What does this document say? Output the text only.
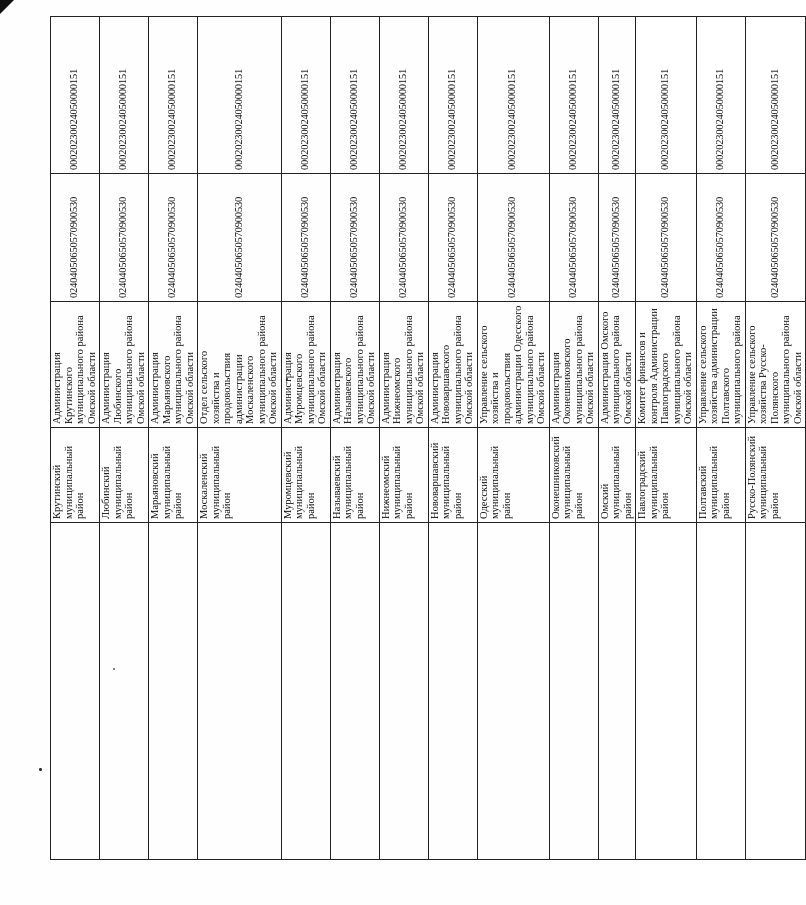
	Крутинский муниципальный район	Администрация Крутинского муниципального района Омской области	02404050650570900530	00020230024050000151
	Любинский муниципальный район	Администрация Любинского муниципального района Омской области	02404050650570900530	00020230024050000151
	Марьяновский муниципальный район	Администрация Марьяновского муниципального района Омской области	02404050650570900530	00020230024050000151
	Москаленский муниципальный район	Отдел сельского хозяйства и продовольствия администрации Москаленского муниципального района Омской области	02404050650570900530	00020230024050000151
	Муромцевский муниципальный район	Администрация Муромцевского муниципального района Омской области	02404050650570900530	00020230024050000151
	Называевский муниципальный район	Администрация Называевского муниципального района Омской области	02404050650570900530	00020230024050000151
	Нижнеомский муниципальный район	Администрация Нижнеомского муниципального района Омской области	02404050650570900530	00020230024050000151
	Нововаршавский муниципальный район	Администрация Нововаршавского муниципального района Омской области	02404050650570900530	00020230024050000151
	Одесский муниципальный район	Управление сельского хозяйства и продовольствия администрации Одесского муниципального района Омской области	02404050650570900530	00020230024050000151
	Оконешниковский муниципальный район	Администрация Оконешниковского муниципального района Омской области	02404050650570900530	00020230024050000151
	Омский муниципальный район	Администрация Омского муниципального района Омской области	02404050650570900530	00020230024050000151
	Павлоградский муниципальный район	Комитет финансов и контроля Администрации Павлоградского муниципального района Омской области	02404050650570900530	00020230024050000151
	Полтавский муниципальный район	Управление сельского хозяйства администрации Полтавского муниципального района	02404050650570900530	00020230024050000151
	Русско-Полянский муниципальный район	Управление сельского хозяйства Русско-Полянского муниципального района Омской области	02404050650570900530	00020230024050000151
